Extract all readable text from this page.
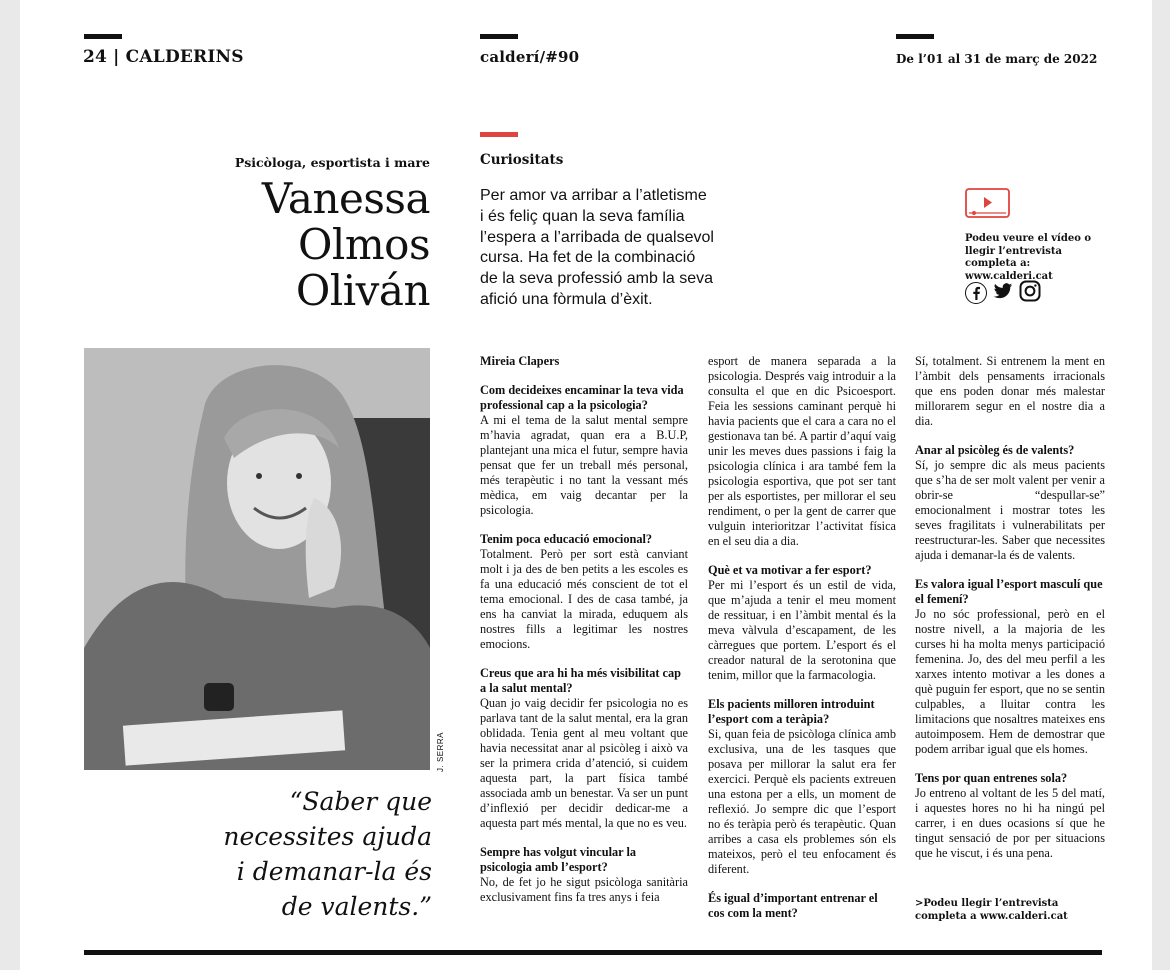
24 | CALDERINS	calderí/#90	De l’01 al 31 de març de 2022
Psicòloga, esportista i mare
Vanessa
Olmos
Oliván
Curiositats
Per amor va arribar a l’atletisme
i és feliç quan la seva família
l’espera a l’arribada de qualsevol
cursa. Ha fet de la combinació
de la seva professió amb la seva
afició una fòrmula d’èxit.
Podeu veure el vídeo o llegir l’entrevista completa a: www.calderi.cat
J. SERRA
“Saber que
necessites ajuda
i demanar-la és
de valents.”
Mireia Clapers

Com decideixes encaminar la teva vida professional cap a la psicologia?
A mi el tema de la salut mental sempre m’havia agradat, quan era a B.U.P, plantejant una mica el futur, sempre havia pensat que fer un treball més personal, més terapèutic i no tant la vessant més mèdica, em vaig decantar per la psicologia.

Tenim poca educació emocional?
Totalment. Però per sort està canviant molt i ja des de ben petits a les escoles es fa una educació més conscient de tot el tema emocional. I des de casa també, ja ens ha canviat la mirada, eduquem als nostres fills a legitimar les nostres emocions.

Creus que ara hi ha més visibilitat cap a la salut mental?
Quan jo vaig decidir fer psicologia no es parlava tant de la salut mental, era la gran oblidada. Tenia gent al meu voltant que havia necessitat anar al psicòleg i això va ser la primera crida d’atenció, si cuidem aquesta part, la part física també associada amb un benestar. Va ser un punt d’inflexió per decidir dedicar-me a aquesta part més mental, la que no es veu.

Sempre has volgut vincular la psicologia amb l’esport?
No, de fet jo he sigut psicòloga sanitària exclusivament fins fa tres anys i feia

esport de manera separada a la psicologia. Després vaig introduir a la consulta el que en dic Psicoesport. Feia les sessions caminant perquè hi havia pacients que el cara a cara no el gestionava tan bé. A partir d’aquí vaig unir les meves dues passions i faig la psicologia clínica i ara també fem la psicologia esportiva, que pot ser tant per als esportistes, per millorar el seu rendiment, o per la gent de carrer que vulguin interioritzar l’activitat física en el seu dia a dia.

Què et va motivar a fer esport?
Per mi l’esport és un estil de vida, que m’ajuda a tenir el meu moment de ressituar, i en l’àmbit mental és la meva vàlvula d’escapament, de les càrregues que portem. L’esport és el creador natural de la serotonina que tenim, millor que la farmacologia.

Els pacients milloren introduint l’esport com a teràpia?
Si, quan feia de psicòloga clínica amb exclusiva, una de les tasques que posava per millorar la salut era fer exercici. Perquè els pacients extreuen una estona per a ells, un moment de reflexió. Jo sempre dic que l’esport no és teràpia però és terapèutic. Quan arribes a casa els problemes són els mateixos, però el teu enfocament és diferent.

És igual d’important entrenar el cos com la ment?

Sí, totalment. Si entrenem la ment en l’àmbit dels pensaments irracionals que ens poden donar més malestar millorarem segur en el nostre dia a dia.

Anar al psicòleg és de valents?
Sí, jo sempre dic als meus pacients que s’ha de ser molt valent per venir a obrir-se “despullar-se” emocionalment i mostrar totes les seves fragilitats i vulnerabilitats per reestructurar-les. Saber que necessites ajuda i demanar-la és de valents.

Es valora igual l’esport masculí que el femení?
Jo no sóc professional, però en el nostre nivell, a la majoria de les curses hi ha molta menys participació femenina. Jo, des del meu perfil a les xarxes intento motivar a les dones a què puguin fer esport, que no se sentin culpables, a lluitar contra les limitacions que nosaltres mateixes ens autoimposem. Hem de demostrar que podem arribar igual que els homes.

Tens por quan entrenes sola?
Jo entreno al voltant de les 5 del matí, i aquestes hores no hi ha ningú pel carrer, i en dues ocasions sí que he tingut sensació de por per situacions que he viscut, i és una pena.

>Podeu llegir l’entrevista completa a www.calderi.cat
